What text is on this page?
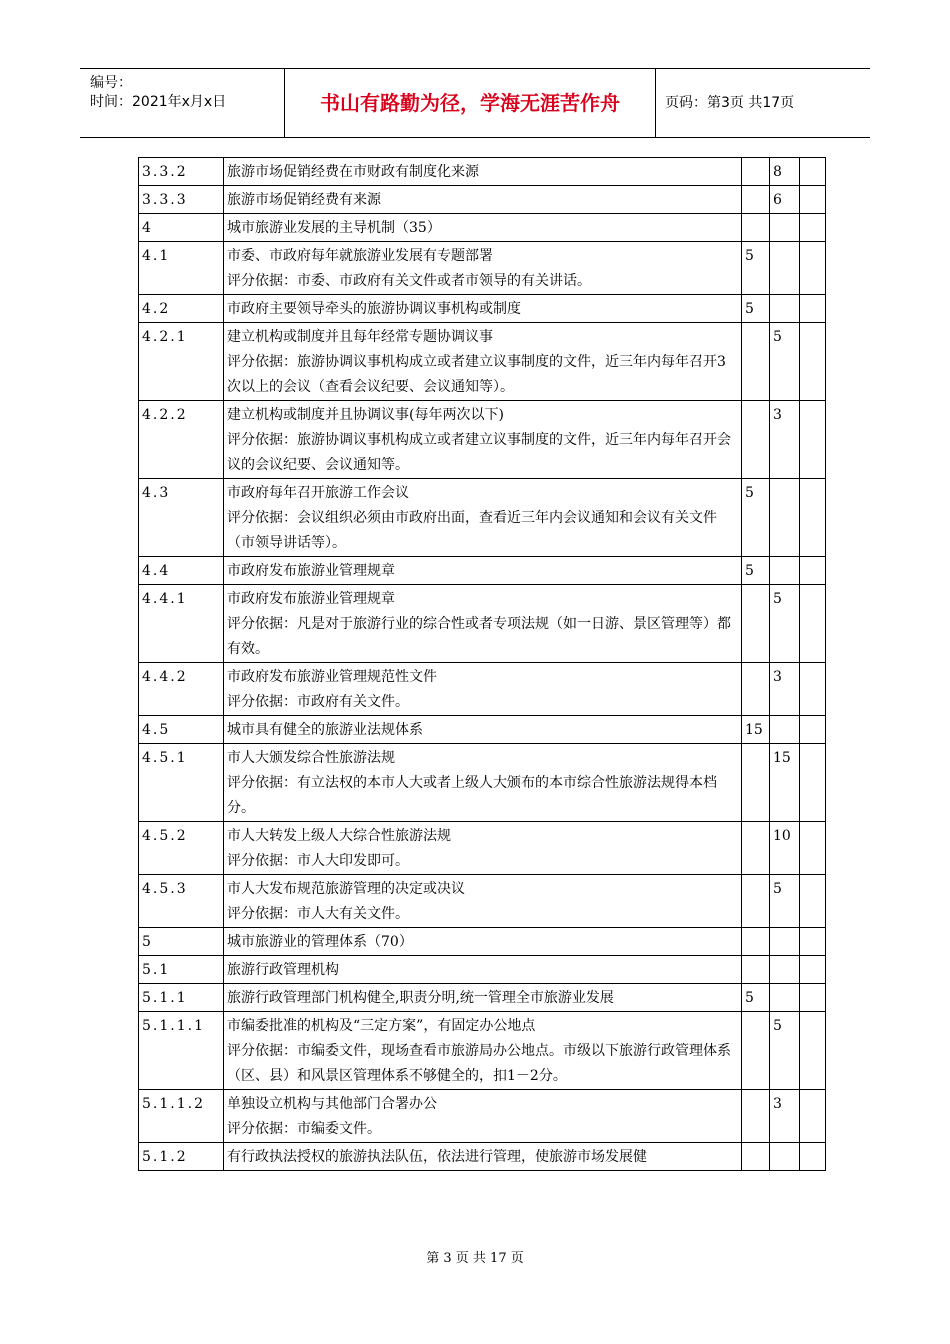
编号：
时间：2021年x月x日	书山有路勤为径，学海无涯苦作舟	页码：第3页 共17页
3.3.2	旅游市场促销经费在市财政有制度化来源		8	
3.3.3	旅游市场促销经费有来源		6	
4	城市旅游业发展的主导机制（35）			

4.1	市委、市政府每年就旅游业发展有专题部署
评分依据：市委、市政府有关文件或者市领导的有关讲话。	5		
4.2	市政府主要领导牵头的旅游协调议事机构或制度	5		
4.2.1	建立机构或制度并且每年经常专题协调议事
评分依据：旅游协调议事机构成立或者建立议事制度的文件，近三年内每年召开3次以上的会议（查看会议纪要、会议通知等）。		5	
4.2.2	建立机构或制度并且协调议事(每年两次以下)
评分依据：旅游协调议事机构成立或者建立议事制度的文件，近三年内每年召开会议的会议纪要、会议通知等。		3	
4.3	市政府每年召开旅游工作会议
评分依据：会议组织必须由市政府出面，查看近三年内会议通知和会议有关文件（市领导讲话等）。	5		
4.4	市政府发布旅游业管理规章	5		
4.4.1	市政府发布旅游业管理规章
评分依据：凡是对于旅游行业的综合性或者专项法规（如一日游、景区管理等）都有效。		5	
4.4.2	市政府发布旅游业管理规范性文件
评分依据：市政府有关文件。		3	
4.5	城市具有健全的旅游业法规体系	15		
4.5.1	市人大颁发综合性旅游法规
评分依据：有立法权的本市人大或者上级人大颁布的本市综合性旅游法规得本档分。		15	
4.5.2	市人大转发上级人大综合性旅游法规
评分依据：市人大印发即可。		10	
4.5.3	市人大发布规范旅游管理的决定或决议
评分依据：市人大有关文件。		5	
5	城市旅游业的管理体系（70）			

5.1	旅游行政管理机构			

5.1.1	旅游行政管理部门机构健全,职责分明,统一管理全市旅游业发展	5		
5.1.1.1	市编委批准的机构及“三定方案”，有固定办公地点
评分依据：市编委文件，现场查看市旅游局办公地点。市级以下旅游行政管理体系（区、县）和风景区管理体系不够健全的，扣1－2分。		5	
5.1.1.2	单独设立机构与其他部门合署办公
评分依据：市编委文件。		3	
5.1.2	有行政执法授权的旅游执法队伍，依法进行管理，使旅游市场发展健			

第 3 页 共 17 页
